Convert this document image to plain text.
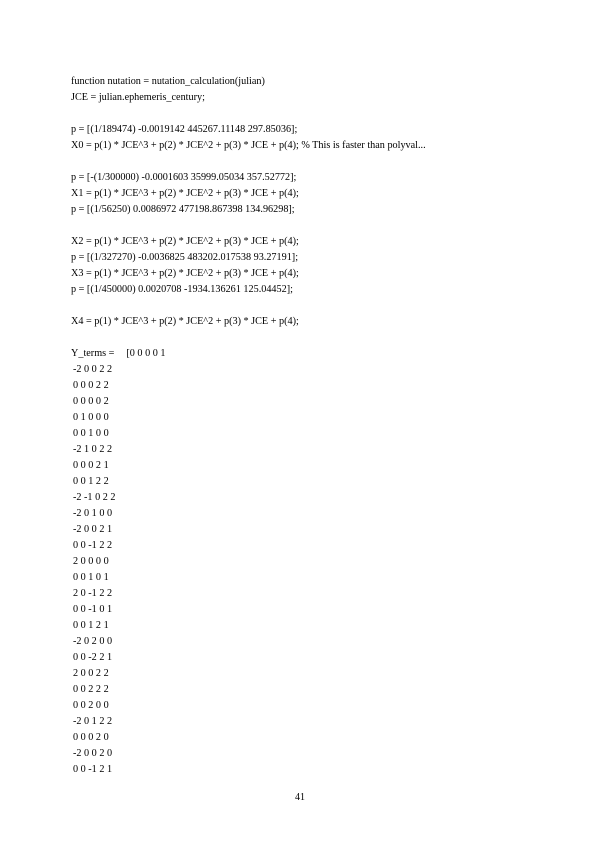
function nutation = nutation_calculation(julian)
JCE = julian.ephemeris_century;
p = [(1/189474) -0.0019142 445267.11148 297.85036];
X0 = p(1) * JCE^3 + p(2) * JCE^2 + p(3) * JCE + p(4); % This is faster than polyval...
p = [-(1/300000) -0.0001603 35999.05034 357.52772];
X1 = p(1) * JCE^3 + p(2) * JCE^2 + p(3) * JCE + p(4);
p = [(1/56250) 0.0086972 477198.867398 134.96298];
X2 = p(1) * JCE^3 + p(2) * JCE^2 + p(3) * JCE + p(4);
p = [(1/327270) -0.0036825 483202.017538 93.27191];
X3 = p(1) * JCE^3 + p(2) * JCE^2 + p(3) * JCE + p(4);
p = [(1/450000) 0.0020708 -1934.136261 125.04452];
X4 = p(1) * JCE^3 + p(2) * JCE^2 + p(3) * JCE + p(4);
Y_terms = [0 0 0 0 1
-2 0 0 2 2
0 0 0 2 2
0 0 0 0 2
0 1 0 0 0
0 0 1 0 0
-2 1 0 2 2
0 0 0 2 1
0 0 1 2 2
-2 -1 0 2 2
-2 0 1 0 0
-2 0 0 2 1
0 0 -1 2 2
2 0 0 0 0
0 0 1 0 1
2 0 -1 2 2
0 0 -1 0 1
0 0 1 2 1
-2 0 2 0 0
0 0 -2 2 1
2 0 0 2 2
0 0 2 2 2
0 0 2 0 0
-2 0 1 2 2
0 0 0 2 0
-2 0 0 2 0
0 0 -1 2 1
41
